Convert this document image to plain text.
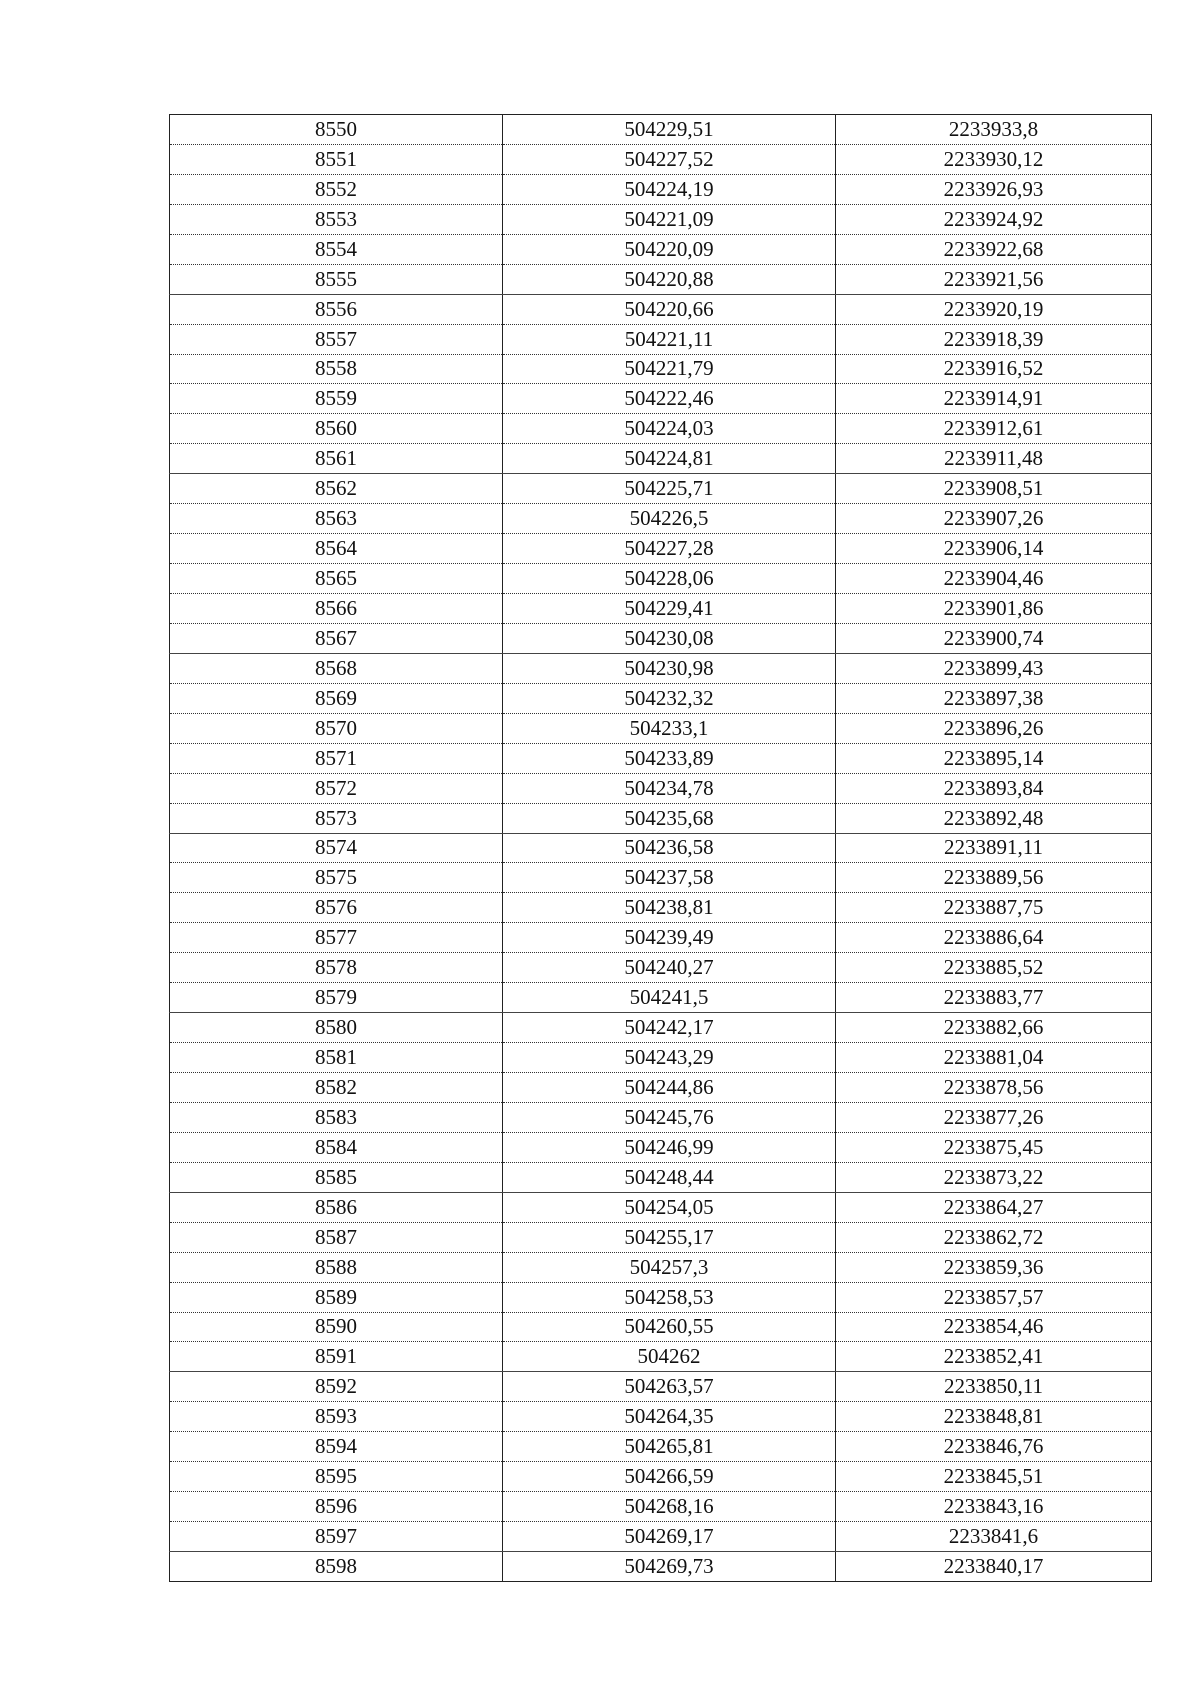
8550	504229,51	2233933,8
8551	504227,52	2233930,12
8552	504224,19	2233926,93
8553	504221,09	2233924,92
8554	504220,09	2233922,68
8555	504220,88	2233921,56
8556	504220,66	2233920,19
8557	504221,11	2233918,39
8558	504221,79	2233916,52
8559	504222,46	2233914,91
8560	504224,03	2233912,61
8561	504224,81	2233911,48
8562	504225,71	2233908,51
8563	504226,5	2233907,26
8564	504227,28	2233906,14
8565	504228,06	2233904,46
8566	504229,41	2233901,86
8567	504230,08	2233900,74
8568	504230,98	2233899,43
8569	504232,32	2233897,38
8570	504233,1	2233896,26
8571	504233,89	2233895,14
8572	504234,78	2233893,84
8573	504235,68	2233892,48
8574	504236,58	2233891,11
8575	504237,58	2233889,56
8576	504238,81	2233887,75
8577	504239,49	2233886,64
8578	504240,27	2233885,52
8579	504241,5	2233883,77
8580	504242,17	2233882,66
8581	504243,29	2233881,04
8582	504244,86	2233878,56
8583	504245,76	2233877,26
8584	504246,99	2233875,45
8585	504248,44	2233873,22
8586	504254,05	2233864,27
8587	504255,17	2233862,72
8588	504257,3	2233859,36
8589	504258,53	2233857,57
8590	504260,55	2233854,46
8591	504262	2233852,41
8592	504263,57	2233850,11
8593	504264,35	2233848,81
8594	504265,81	2233846,76
8595	504266,59	2233845,51
8596	504268,16	2233843,16
8597	504269,17	2233841,6
8598	504269,73	2233840,17
